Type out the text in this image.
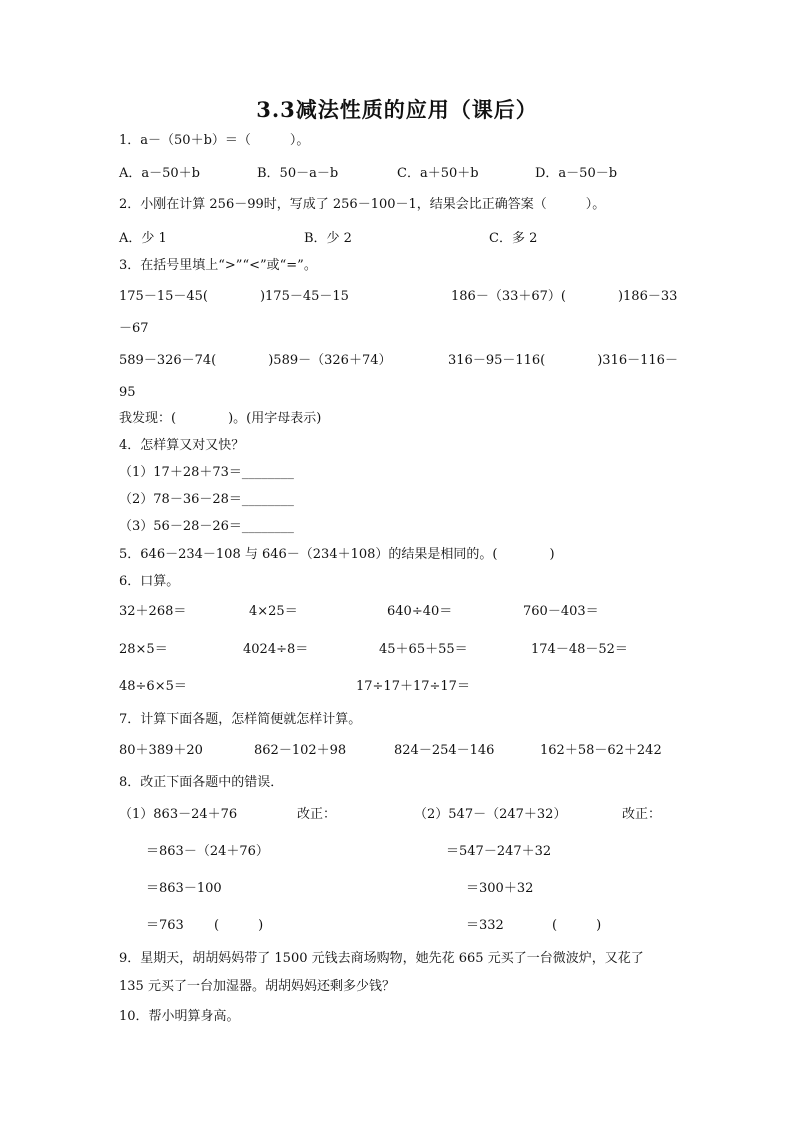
3.3减法性质的应用（课后）
1．a－（50＋b）＝（　　　）。
A．a－50＋b	B．50－a－b	C．a＋50＋b	D．a－50－b
2．小刚在计算 256－99时，写成了 256－100－1，结果会比正确答案（　　　）。
A．少 1	B．少 2	C．多 2
3．在括号里填上“>”“<”或“=”。
175－15－45(　　　　)175－45－15	186－（33＋67）(　　　　)186－33
－67
589－326－74(　　　　)589－（326＋74）	316－95－116(　　　　)316－116－
95
我发现：(　　　　)。(用字母表示)
4．怎样算又对又快？
（1）17＋28＋73＝________
（2）78－36－28＝________
（3）56－28－26＝________
5．646－234－108 与 646－（234＋108）的结果是相同的。(　　　　)
6．口算。
32＋268＝	4×25＝	640÷40＝	760－403＝
28×5＝	4024÷8＝	45＋65＋55＝	174－48－52＝
48÷6×5＝	17÷17＋17÷17＝
7．计算下面各题，怎样简便就怎样计算。
80＋389＋20	862－102＋98	824－254－146	162＋58－62＋242
8．改正下面各题中的错误．
（1）863－24＋76	改正：	（2）547－（247＋32）	改正：
＝863－（24＋76）	＝547－247＋32
＝863－100	＝300＋32
＝763 (　　　)	＝332	(　　　)
9．星期天，胡胡妈妈带了 1500 元钱去商场购物，她先花 665 元买了一台微波炉，又花了
135 元买了一台加湿器。胡胡妈妈还剩多少钱？
10．帮小明算身高。
